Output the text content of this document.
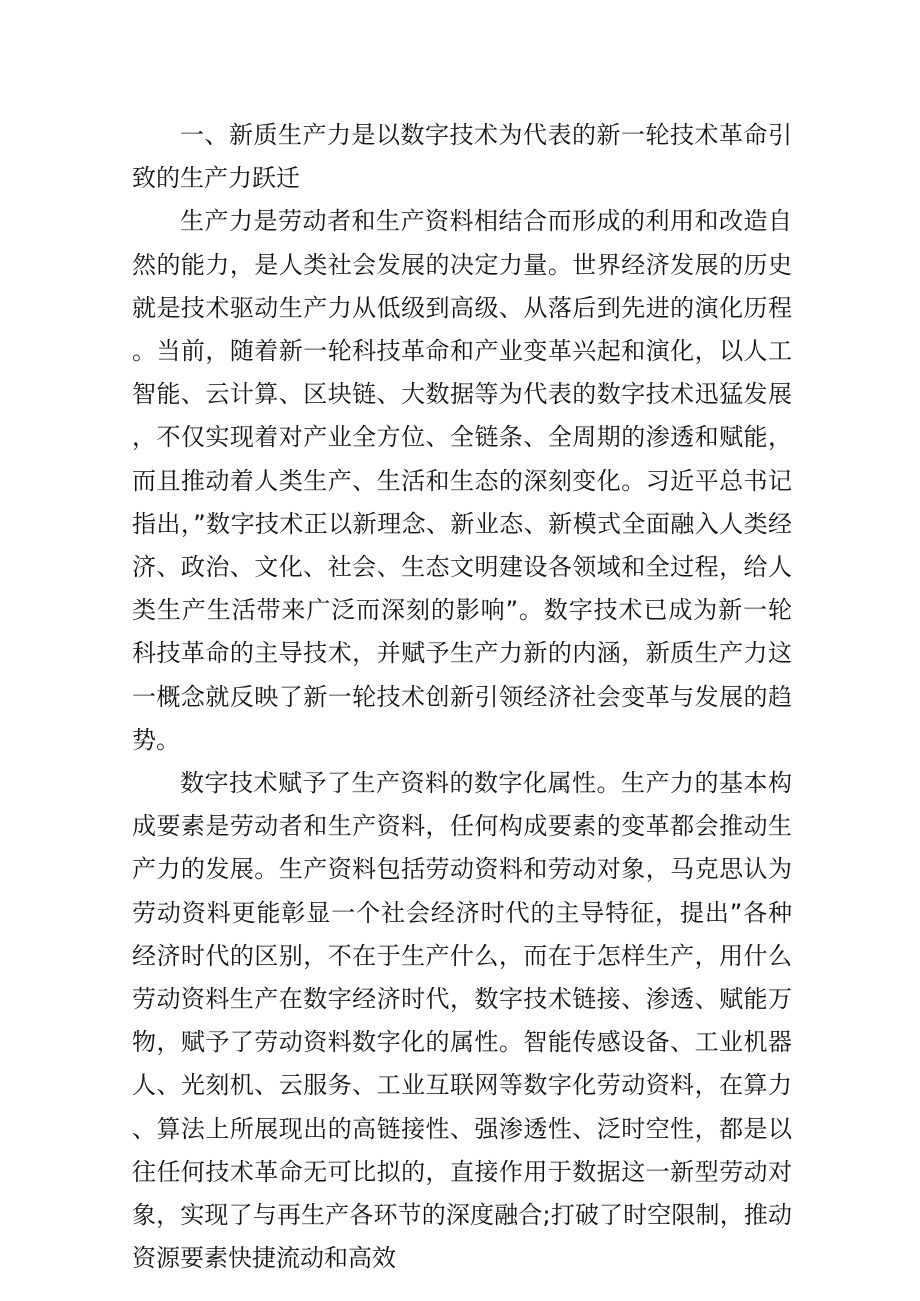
一、新质生产力是以数字技术为代表的新一轮技术革命引致的生产力跃迁

生产力是劳动者和生产资料相结合而形成的利用和改造自然的能力，是人类社会发展的决定力量。世界经济发展的历史就是技术驱动生产力从低级到高级、从落后到先进的演化历程。当前，随着新一轮科技革命和产业变革兴起和演化，以人工智能、云计算、区块链、大数据等为代表的数字技术迅猛发展，不仅实现着对产业全方位、全链条、全周期的渗透和赋能，而且推动着人类生产、生活和生态的深刻变化。习近平总书记指出，”数字技术正以新理念、新业态、新模式全面融入人类经济、政治、文化、社会、生态文明建设各领域和全过程，给人类生产生活带来广泛而深刻的影响”。数字技术已成为新一轮科技革命的主导技术，并赋予生产力新的内涵，新质生产力这一概念就反映了新一轮技术创新引领经济社会变革与发展的趋势。

数字技术赋予了生产资料的数字化属性。生产力的基本构成要素是劳动者和生产资料，任何构成要素的变革都会推动生产力的发展。生产资料包括劳动资料和劳动对象，马克思认为劳动资料更能彰显一个社会经济时代的主导特征，提出”各种经济时代的区别，不在于生产什么，而在于怎样生产，用什么劳动资料生产在数字经济时代，数字技术链接、渗透、赋能万物，赋予了劳动资料数字化的属性。智能传感设备、工业机器人、光刻机、云服务、工业互联网等数字化劳动资料，在算力、算法上所展现出的高链接性、强渗透性、泛时空性，都是以往任何技术革命无可比拟的，直接作用于数据这一新型劳动对象，实现了与再生产各环节的深度融合;打破了时空限制，推动资源要素快捷流动和高效
